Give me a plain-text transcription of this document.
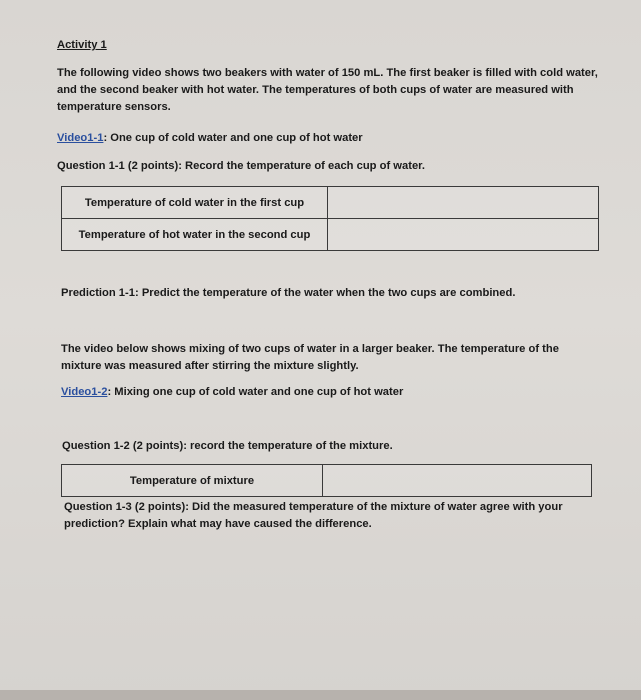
Activity 1
The following video shows two beakers with water of 150 mL. The first beaker is filled with cold water, and the second beaker with hot water. The temperatures of both cups of water are measured with temperature sensors.
Video1-1: One cup of cold water and one cup of hot water
Question 1-1 (2 points): Record the temperature of each cup of water.
Temperature of cold water in the first cup	
Temperature of hot water in the second cup	
Prediction 1-1: Predict the temperature of the water when the two cups are combined.
The video below shows mixing of two cups of water in a larger beaker. The temperature of the mixture was measured after stirring the mixture slightly.
Video1-2: Mixing one cup of cold water and one cup of hot water
Question 1-2 (2 points): record the temperature of the mixture.
Temperature of mixture	
Question 1-3 (2 points): Did the measured temperature of the mixture of water agree with your prediction? Explain what may have caused the difference.
